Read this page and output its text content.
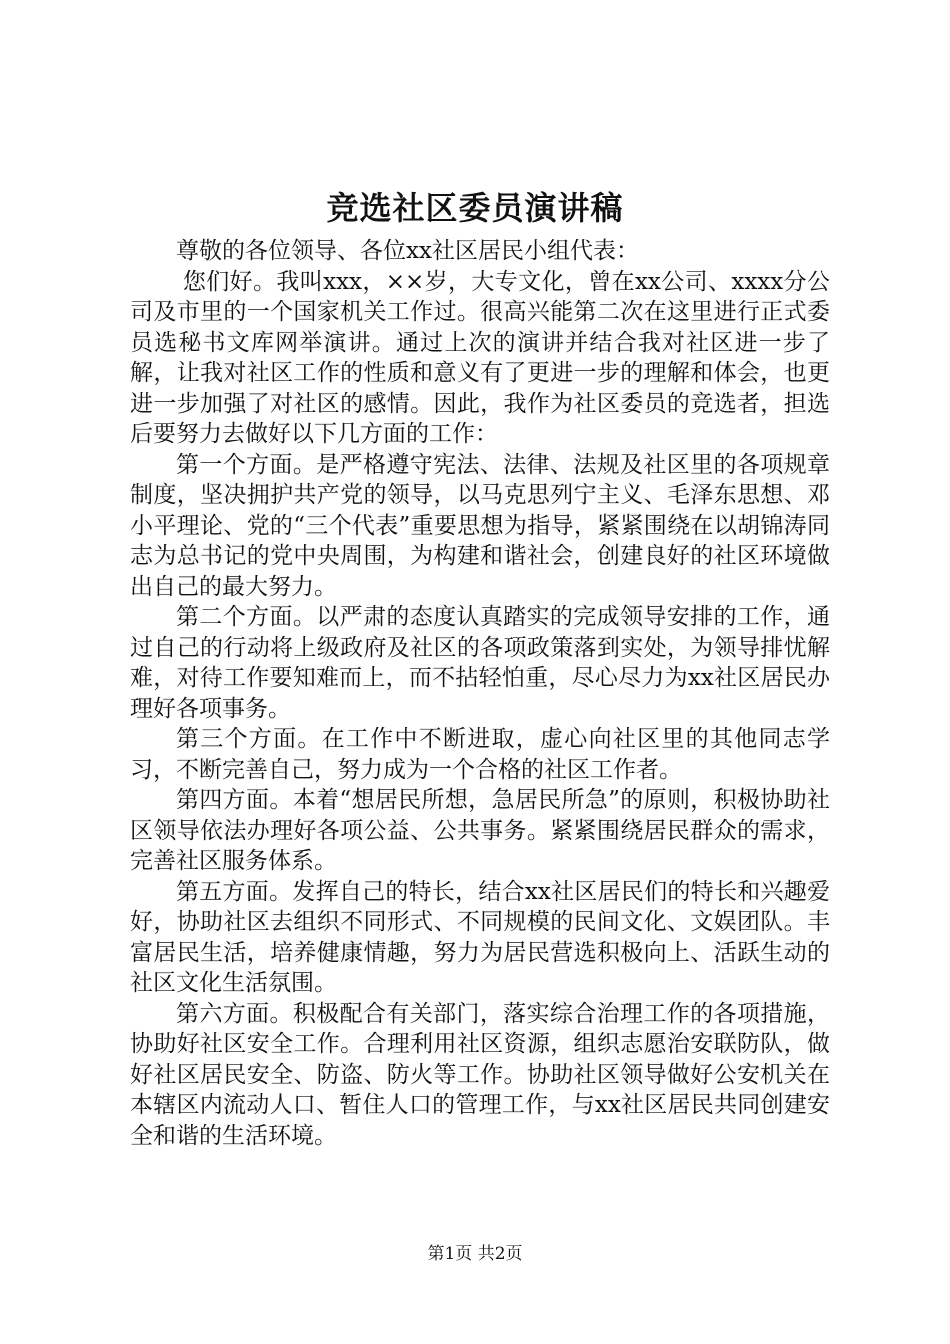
竞选社区委员演讲稿

尊敬的各位领导、各位xx社区居民小组代表：

您们好。我叫xxx，××岁，大专文化，曾在xx公司、xxxx分公司及市里的一个国家机关工作过。很高兴能第二次在这里进行正式委员选秘书文库网举演讲。通过上次的演讲并结合我对社区进一步了解，让我对社区工作的性质和意义有了更进一步的理解和体会，也更进一步加强了对社区的感情。因此，我作为社区委员的竞选者，担选后要努力去做好以下几方面的工作：

第一个方面。是严格遵守宪法、法律、法规及社区里的各项规章制度，坚决拥护共产党的领导，以马克思列宁主义、毛泽东思想、邓小平理论、党的“三个代表”重要思想为指导，紧紧围绕在以胡锦涛同志为总书记的党中央周围，为构建和谐社会，创建良好的社区环境做出自己的最大努力。

第二个方面。以严肃的态度认真踏实的完成领导安排的工作，通过自己的行动将上级政府及社区的各项政策落到实处，为领导排忧解难，对待工作要知难而上，而不拈轻怕重，尽心尽力为xx社区居民办理好各项事务。

第三个方面。在工作中不断进取，虚心向社区里的其他同志学习，不断完善自己，努力成为一个合格的社区工作者。

第四方面。本着“想居民所想，急居民所急”的原则，积极协助社区领导依法办理好各项公益、公共事务。紧紧围绕居民群众的需求，完善社区服务体系。

第五方面。发挥自己的特长，结合xx社区居民们的特长和兴趣爱好，协助社区去组织不同形式、不同规模的民间文化、文娱团队。丰富居民生活，培养健康情趣，努力为居民营选积极向上、活跃生动的社区文化生活氛围。

第六方面。积极配合有关部门，落实综合治理工作的各项措施，协助好社区安全工作。合理利用社区资源，组织志愿治安联防队，做好社区居民安全、防盗、防火等工作。协助社区领导做好公安机关在本辖区内流动人口、暂住人口的管理工作，与xx社区居民共同创建安全和谐的生活环境。

第1页 共2页
